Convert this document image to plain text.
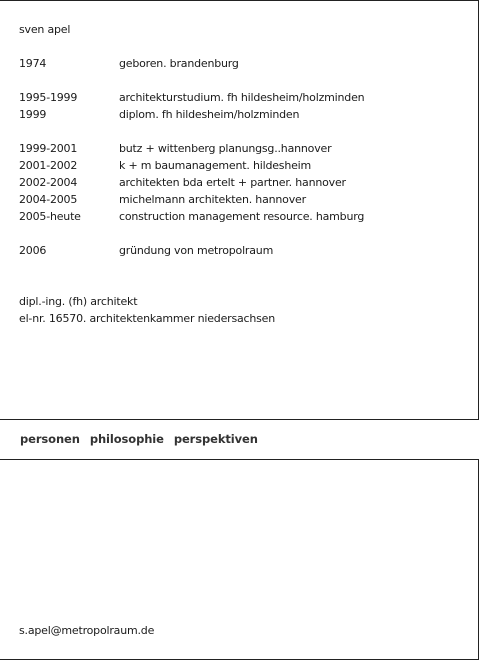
sven apel
1974	geboren. brandenburg
1995-1999	architekturstudium. fh hildesheim/holzminden
1999	diplom. fh hildesheim/holzminden
1999-2001	butz + wittenberg planungsg..hannover
2001-2002	k + m baumanagement. hildesheim
2002-2004	architekten bda ertelt + partner. hannover
2004-2005	michelmann architekten. hannover
2005-heute	construction management resource. hamburg
2006	gründung von metropolraum
dipl.-ing. (fh) architekt
el-nr. 16570. architektenkammer niedersachsen
personen philosophie perspektiven
s.apel@metropolraum.de
